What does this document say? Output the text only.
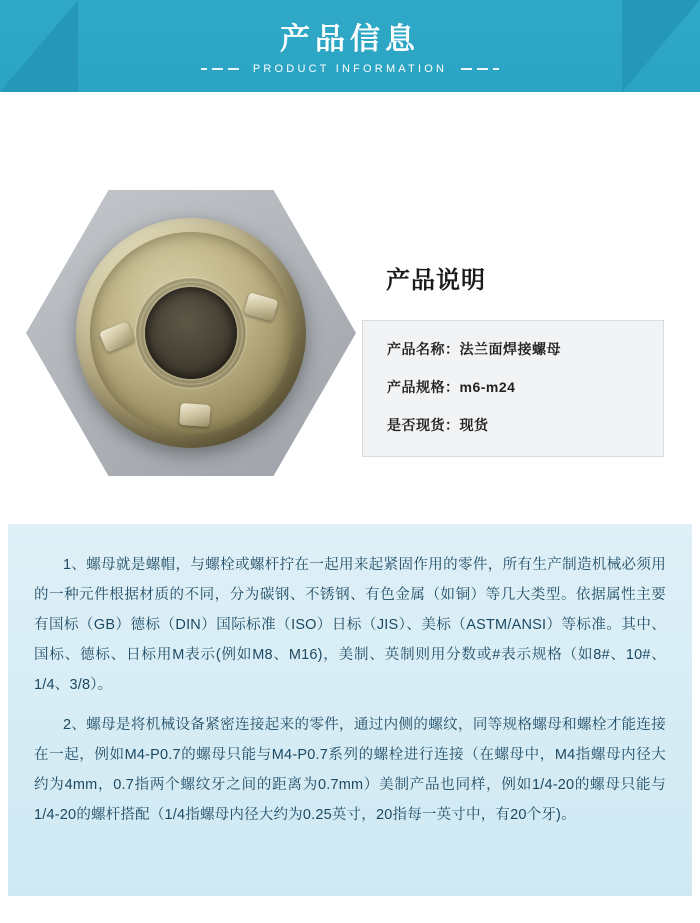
产品信息
PRODUCT INFORMATION
产品说明
产品名称：法兰面焊接螺母
产品规格：m6-m24
是否现货：现货

1、螺母就是螺帽，与螺栓或螺杆拧在一起用来起紧固作用的零件，所有生产制造机械必须用的一种元件根据材质的不同，分为碳钢、不锈钢、有色金属（如铜）等几大类型。依据属性主要有国标（GB）德标（DIN）国际标准（ISO）日标（JIS）、美标（ASTM/ANSI）等标准。其中、国标、德标、日标用M表示(例如M8、M16)，美制、英制则用分数或#表示规格（如8#、10#、1/4、3/8）。

2、螺母是将机械设备紧密连接起来的零件，通过内侧的螺纹，同等规格螺母和螺栓才能连接在一起，例如M4-P0.7的螺母只能与M4-P0.7系列的螺栓进行连接（在螺母中，M4指螺母内径大约为4mm，0.7指两个螺纹牙之间的距离为0.7mm）美制产品也同样，例如1/4-20的螺母只能与1/4-20的螺杆搭配（1/4指螺母内径大约为0.25英寸，20指每一英寸中，有20个牙)。
